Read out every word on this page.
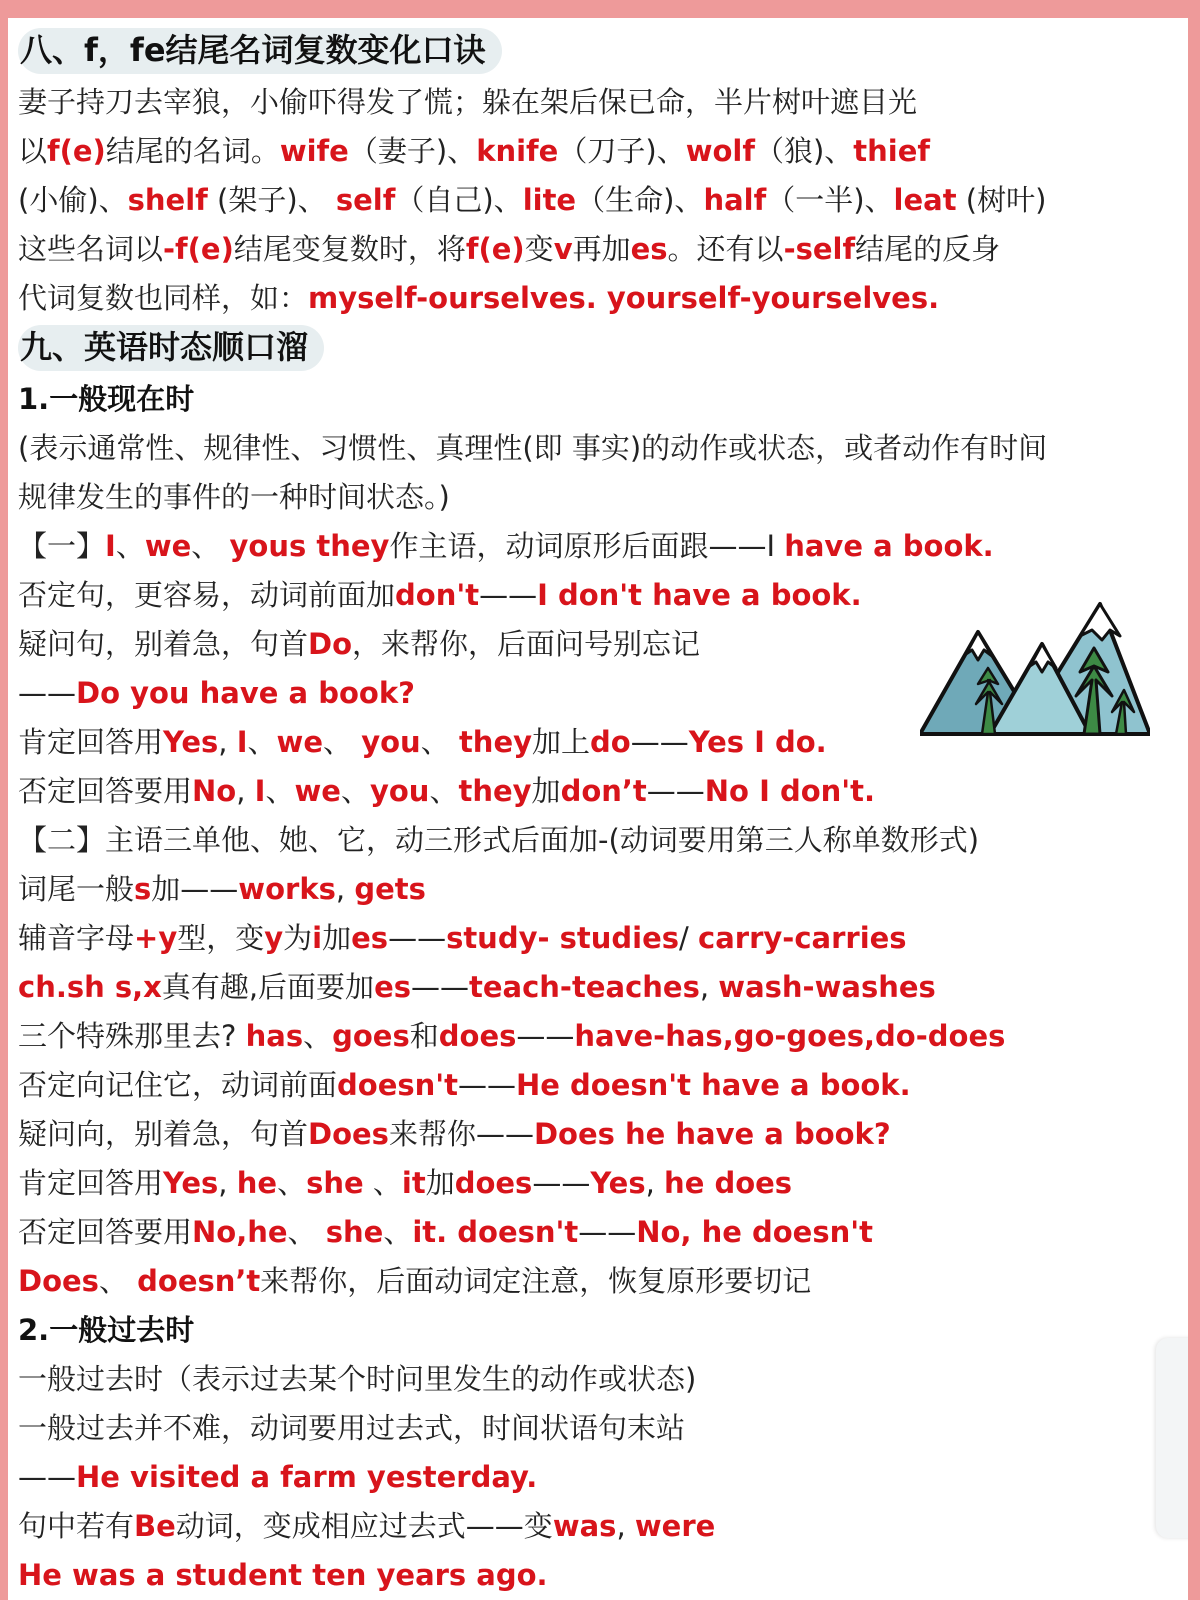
八、f，fe结尾名词复数变化口诀
妻子持刀去宰狼，小偷吓得发了慌；躲在架后保已命，半片树叶遮目光
以f(e)结尾的名词。wife（妻子)、knife（刀子)、wolf（狼)、thief
(小偷)、shelf (架子)、 self（自己)、lite（生命)、half（一半)、leat (树叶)
这些名词以-f(e)结尾变复数时，将f(e)变v再加es。还有以-self结尾的反身
代词复数也同样，如：myself-ourselves. yourself-yourselves.
九、英语时态顺口溜
1.一般现在时
(表示通常性、规律性、习惯性、真理性(即 事实)的动作或状态，或者动作有时间
规律发生的事件的一种时间状态。)
【一】I、we、 yous they作主语，动词原形后面跟——I have a book.
否定句，更容易，动词前面加don't——I don't have a book.
疑问句，别着急，句首Do，来帮你，后面问号别忘记
——Do you have a book?
肯定回答用Yes, I、we、 you、 they加上do——Yes I do.
否定回答要用No, I、we、you、they加don’t——No I don't.
【二】主语三单他、她、它，动三形式后面加-(动词要用第三人称单数形式)
词尾一般s加——works, gets
辅音字母+y型，变y为i加es——study- studies/ carry-carries
ch.sh s,x真有趣,后面要加es——teach-teaches, wash-washes
三个特殊那里去? has、goes和does——have-has,go-goes,do-does
否定向记住它，动词前面doesn't——He doesn't have a book.
疑问向，别着急，句首Does来帮你——Does he have a book?
肯定回答用Yes, he、she 、it加does——Yes, he does
否定回答要用No,he、 she、it. doesn't——No, he doesn't
Does、 doesn’t来帮你，后面动词定注意，恢复原形要切记
2.一般过去时
一般过去时（表示过去某个时问里发生的动作或状态)
一般过去并不难，动词要用过去式，时间状语句末站
——He visited a farm yesterday.
句中若有Be动词，变成相应过去式——变was, were
He was a student ten years ago.
